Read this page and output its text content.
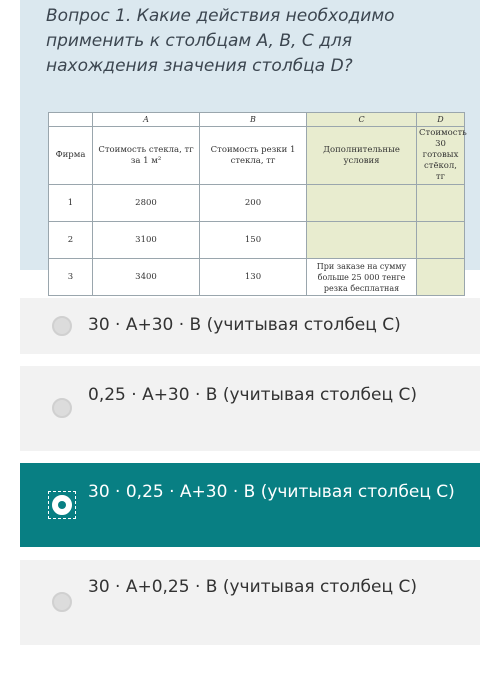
Вопрос 1. Какие действия необходимо применить к столбцам A, B, C для нахождения значения столбца D?
	A	B	C	D
Фирма	Стоимость стекла, тг за 1 м²	Стоимость резки 1 стекла, тг	Дополнительные условия	Стоимость 30 готовых стёкол, тг
1	2800	200		
2	3100	150		
3	3400	130	При заказе на сумму больше 25 000 тенге резка бесплатная	
30 · A+30 · B (учитывая столбец C)
0,25 · A+30 · B (учитывая столбец C)
30 · 0,25 · A+30 · B (учитывая столбец C)
30 · A+0,25 · B (учитывая столбец C)
